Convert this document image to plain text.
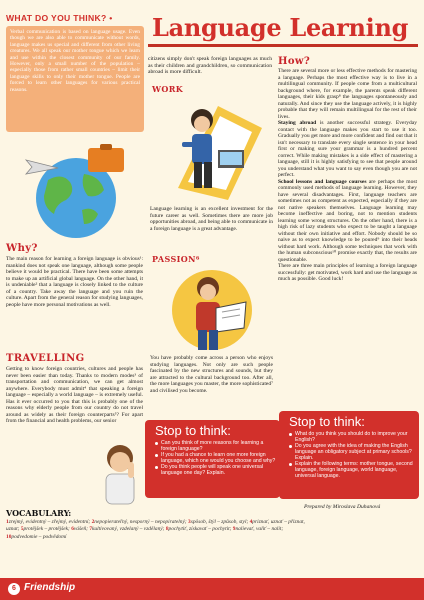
WHAT DO YOU THINK? •

Verbal communication is based on language usage. Even though we are also able to communicate without words, language makes us special and different from other living creatures. We all speak our mother tongue which we learn and use within the closest community of our family. However, only a small number of the population – especially those from rather small countries – limit their language skills to only their mother tongue. People are forced to learn other languages for various practical reasons.

Language Learning
citizens simply don't speak foreign languages as much as their children and grandchildren, so communication abroad is more difficult.
WORK
Language learning is an excellent investment for the future career as well. Sometimes there are more job opportunities abroad, and being able to communicate in a foreign language is a great advantage.
PASSION⁶
You have probably come across a person who enjoys studying languages. Not only are such people fascinated by the new structures and sounds, but they are attracted to the cultural background too. After all, the more languages you master, the more sophisticated⁷ and civilised you become.
Why?
The main reason for learning a foreign language is obvious¹: mankind does not speak one language, although some people believe it would be practical. There have been some attempts to make up an artificial global language. On the other hand, it is undeniable² that a language is closely linked to the culture of a country. Take away the language and you ruin the culture. Apart from the general reason for studying languages, people have more personal motivations as well.
TRAVELLING
Getting to know foreign countries, cultures and people has never been easier than today. Thanks to modern modes³ of transportation and communication, we can get almost anywhere. Everybody must admit⁴ that speaking a foreign language – especially a world language – is extremely useful. Has it ever occurred to you that this is probably one of the reasons why elderly people from our country do not travel around as widely as their foreign counterparts⁵? For apart from the financial and health problems, our senior
How?
There are several more or less effective methods for mastering a language. Perhaps the most effective way is to live in a multilingual community. If people come from a multicultural background where, for example, the parents speak different languages, their kids grasp⁸ the languages spontaneously and naturally. And since they use the language actively, it is highly probable that they will remain multilingual for the rest of their lives.
Staying abroad is another successful strategy. Everyday contact with the language makes you start to use it too. Gradually you get more and more confident and find out that it isn't necessary to translate every single sentence in your head first or making sure your grammar is a hundred percent correct. While making mistakes is a side effect of mastering a language, still it is highly satisfying to see that people around you understand what you want to say even though you are not perfect.
School lessons and language courses are perhaps the most commonly used methods of language learning. However, they have several disadvantages. First, language teachers are sometimes not as competent as expected, especially if they are not native speakers themselves. Language learning may become ineffective and boring, not to mention students learning some wrong structures. On the other hand, there is a high risk of lazy students who expect to be taught a language without their own initiative and effort. Nobody should be so naive as to expect knowledge to be poured⁹ into their heads without hard work. Although some techniques that work with the human subconscious¹⁰ promise exactly that, the results are questionable.
There are three main principles of learning a foreign language successfully: get motivated, work hard and use the language as much as possible. Good luck!
Stop to think:
Can you think of more reasons for learning a foreign language?
If you had a chance to learn one more foreign language, which one would you choose and why?
Do you think people will speak one universal language one day? Explain.
Stop to think:
What do you think you should do to improve your English?
Do you agree with the idea of making the English language an obligatory subject at primary schools? Explain.
Explain the following terms: mother tongue, second language, foreign language, world language, universal language.
Prepared by Miroslava Duhanová
VOCABULARY:
1zrejmý, evidentný – zřejmý, evidentní; 2nepopierateľný, nesporný – nepopiratelný; 3spôsob, štýl – způsob, styl; 4priznať, uznať – přiznat,
uznat; 5protějšek – protějšek; 6vášeň; 7kultivovaný, vzdelaný – vzdělaný; 8pochytiť, získavať – pochytit; 9nalievať, valiť – nalít;
10podvedomie – podvědomí
6 Friendship
